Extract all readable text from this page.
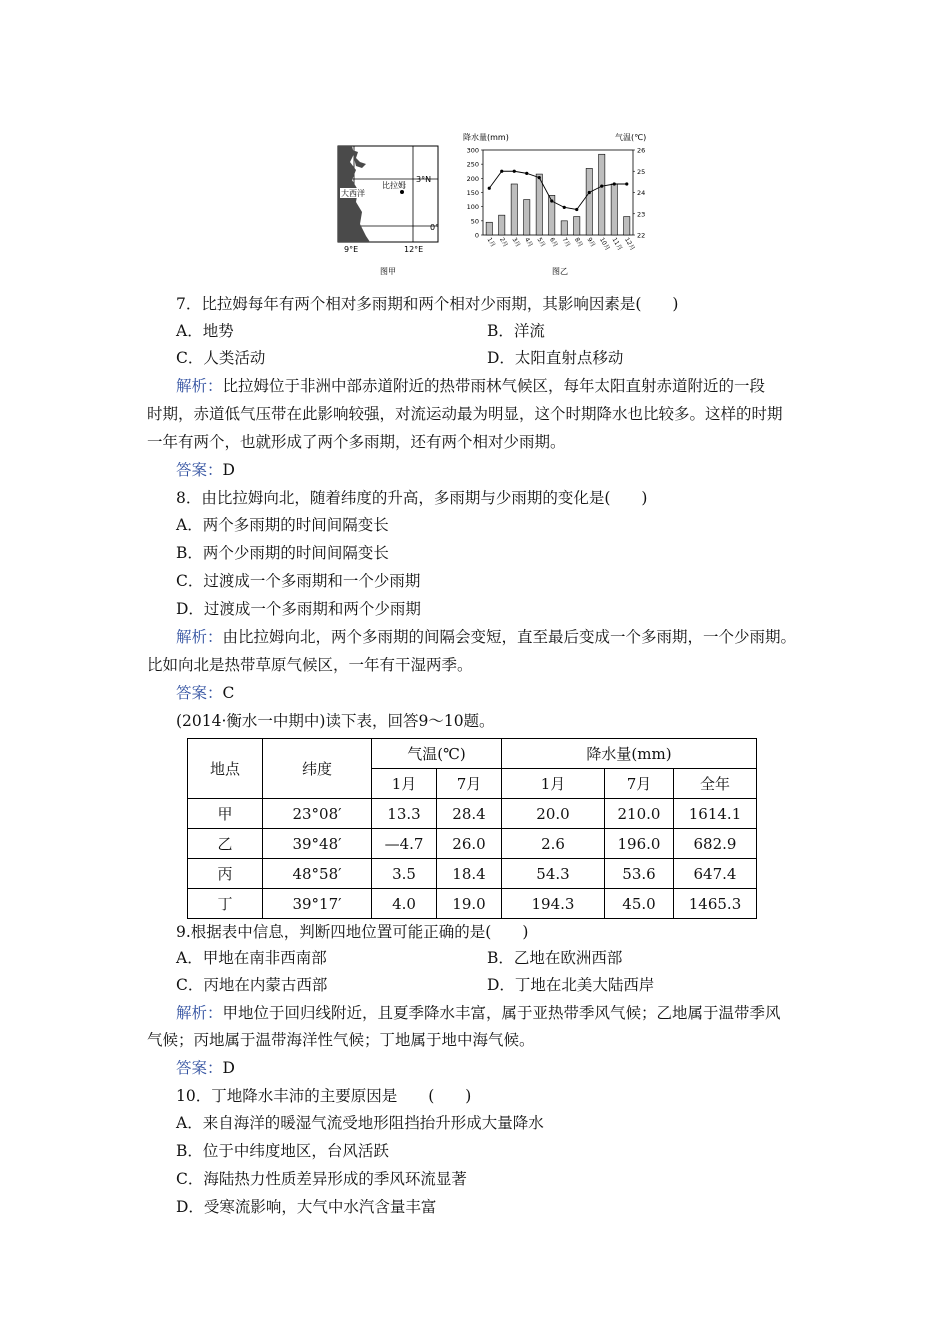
大西洋
比拉姆
3°N
0°
9°E	12°E
图甲
降水量(mm)	气温(℃)
0
50
100
150
200
250
300
22
23
24
25
26
1月 2月 3月 4月 5月 6月 7月 8月 9月 10月 11月 12月
图乙
7．比拉姆每年有两个相对多雨期和两个相对少雨期，其影响因素是(　　)
A．地势	B．洋流
C．人类活动	D．太阳直射点移动
解析：比拉姆位于非洲中部赤道附近的热带雨林气候区，每年太阳直射赤道附近的一段
时期，赤道低气压带在此影响较强，对流运动最为明显，这个时期降水也比较多。这样的时期
一年有两个，也就形成了两个多雨期，还有两个相对少雨期。
答案：D
8．由比拉姆向北，随着纬度的升高，多雨期与少雨期的变化是(　　)
A．两个多雨期的时间间隔变长
B．两个少雨期的时间间隔变长
C．过渡成一个多雨期和一个少雨期
D．过渡成一个多雨期和两个少雨期
解析：由比拉姆向北，两个多雨期的间隔会变短，直至最后变成一个多雨期，一个少雨期。
比如向北是热带草原气候区，一年有干湿两季。
答案：C
(2014·衡水一中期中)读下表，回答9～10题。
地点	纬度	气温(℃)		降水量(mm)		
		1月	7月	1月	7月	全年
甲	23°08′	13.3	28.4	20.0	210.0	1614.1
乙	39°48′	—4.7	26.0	2.6	196.0	682.9
丙	48°58′	3.5	18.4	54.3	53.6	647.4
丁	39°17′	4.0	19.0	194.3	45.0	1465.3
9.根据表中信息，判断四地位置可能正确的是(　　)
A．甲地在南非西南部	B．乙地在欧洲西部
C．丙地在内蒙古西部	D．丁地在北美大陆西岸
解析：甲地位于回归线附近，且夏季降水丰富，属于亚热带季风气候；乙地属于温带季风
气候；丙地属于温带海洋性气候；丁地属于地中海气候。
答案：D
10．丁地降水丰沛的主要原因是　　(　　)
A．来自海洋的暖湿气流受地形阻挡抬升形成大量降水
B．位于中纬度地区，台风活跃
C．海陆热力性质差异形成的季风环流显著
D．受寒流影响，大气中水汽含量丰富
